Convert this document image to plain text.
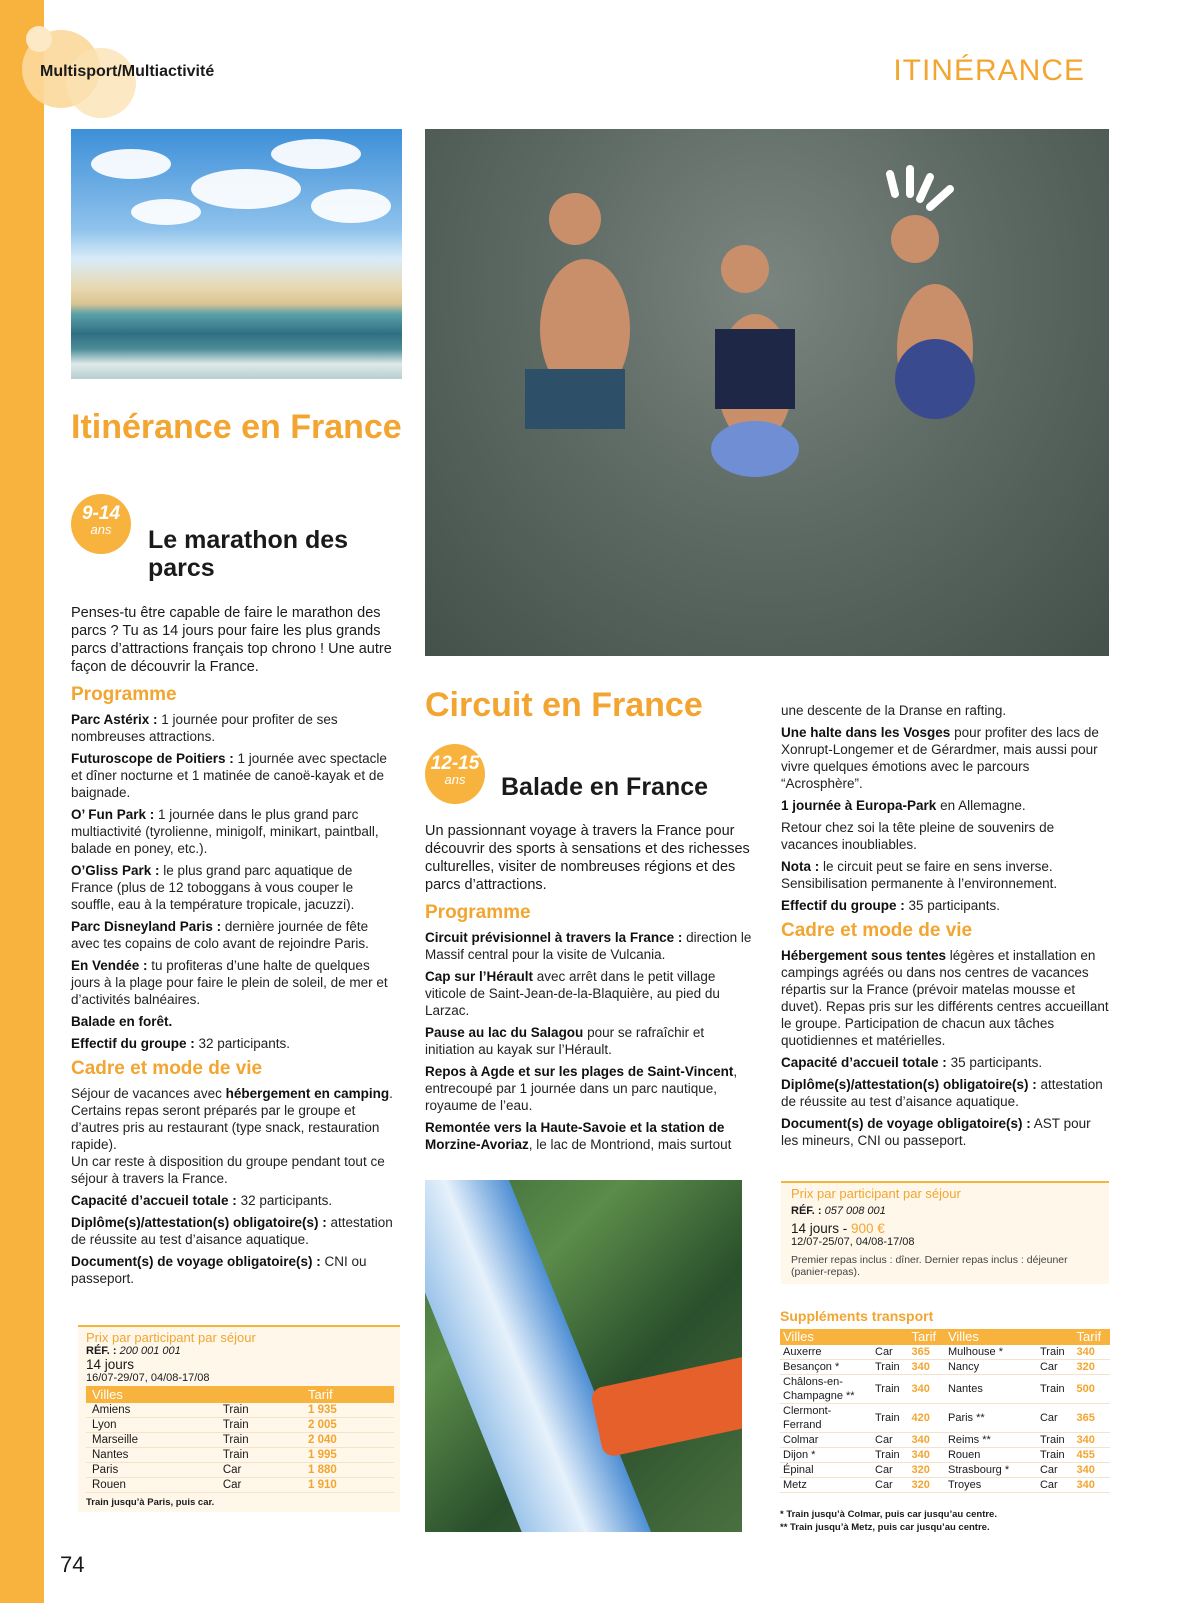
Multisport/Multiactivité	ITINÉRANCE
74
Itinérance en France
9-14
ans	Le marathon des parcs

Penses-tu être capable de faire le marathon des parcs ? Tu as 14 jours pour faire les plus grands parcs d’attractions français top chrono ! Une autre façon de découvrir la France.

Programme

Parc Astérix : 1 journée pour profiter de ses nombreuses attractions.

Futuroscope de Poitiers : 1 journée avec spectacle et dîner nocturne et 1 matinée de canoë-kayak et de baignade.

O’ Fun Park : 1 journée dans le plus grand parc multiactivité (tyrolienne, minigolf, minikart, paintball, balade en poney, etc.).

O’Gliss Park : le plus grand parc aquatique de France (plus de 12 toboggans à vous couper le souffle, eau à la température tropicale, jacuzzi).

Parc Disneyland Paris : dernière journée de fête avec tes copains de colo avant de rejoindre Paris.

En Vendée : tu profiteras d’une halte de quelques jours à la plage pour faire le plein de soleil, de mer et d’activités balnéaires.

Balade en forêt.

Effectif du groupe : 32 participants.

Cadre et mode de vie

Séjour de vacances avec hébergement en camping. Certains repas seront préparés par le groupe et d’autres pris au restaurant (type snack, restauration rapide).
Un car reste à disposition du groupe pendant tout ce séjour à travers la France.

Capacité d’accueil totale : 32 participants.

Diplôme(s)/attestation(s) obligatoire(s) : attestation de réussite au test d’aisance aquatique.

Document(s) de voyage obligatoire(s) : CNI ou passeport.

Prix par participant par séjour
RÉF. : 200 001 001
14 jours
16/07-29/07, 04/08-17/08
Villes		Tarif
Amiens	Train	1 935
Lyon	Train	2 005
Marseille	Train	2 040
Nantes	Train	1 995
Paris	Car	1 880
Rouen	Car	1 910
Train jusqu’à Paris, puis car.
Circuit en France
12-15
ans	Balade en France

Un passionnant voyage à travers la France pour découvrir des sports à sensations et des richesses culturelles, visiter de nombreuses régions et des parcs d’attractions.

Programme

Circuit prévisionnel à travers la France : direction le Massif central pour la visite de Vulcania.

Cap sur l’Hérault avec arrêt dans le petit village viticole de Saint-Jean-de-la-Blaquière, au pied du Larzac.

Pause au lac du Salagou pour se rafraîchir et initiation au kayak sur l’Hérault.

Repos à Agde et sur les plages de Saint-Vincent, entrecoupé par 1 journée dans un parc nautique, royaume de l’eau.

Remontée vers la Haute-Savoie et la station de Morzine-Avoriaz, le lac de Montriond, mais surtout

une descente de la Dranse en rafting.

Une halte dans les Vosges pour profiter des lacs de Xonrupt-Longemer et de Gérardmer, mais aussi pour vivre quelques émotions avec le parcours “Acrosphère”.

1 journée à Europa-Park en Allemagne.

Retour chez soi la tête pleine de souvenirs de vacances inoubliables.

Nota : le circuit peut se faire en sens inverse. Sensibilisation permanente à l’environnement.

Effectif du groupe : 35 participants.

Cadre et mode de vie

Hébergement sous tentes légères et installation en campings agréés ou dans nos centres de vacances répartis sur la France (prévoir matelas mousse et duvet). Repas pris sur les différents centres accueillant le groupe. Participation de chacun aux tâches quotidiennes et matérielles.

Capacité d’accueil totale : 35 participants.

Diplôme(s)/attestation(s) obligatoire(s) : attestation de réussite au test d’aisance aquatique.

Document(s) de voyage obligatoire(s) : AST pour les mineurs, CNI ou passeport.

Prix par participant par séjour
RÉF. : 057 008 001
14 jours - 900 €
12/07-25/07, 04/08-17/08
Premier repas inclus : dîner. Dernier repas inclus : déjeuner (panier-repas).
Suppléments transport
Villes		Tarif	Villes		Tarif
Auxerre	Car	365	Mulhouse *	Train	340
Besançon *	Train	340	Nancy	Car	320
Châlons-en-Champagne **	Train	340	Nantes	Train	500
Clermont-Ferrand	Train	420	Paris **	Car	365
Colmar	Car	340	Reims **	Train	340
Dijon *	Train	340	Rouen	Train	455
Épinal	Car	320	Strasbourg *	Car	340
Metz	Car	320	Troyes	Car	340
* Train jusqu’à Colmar, puis car jusqu’au centre.
** Train jusqu’à Metz, puis car jusqu’au centre.
